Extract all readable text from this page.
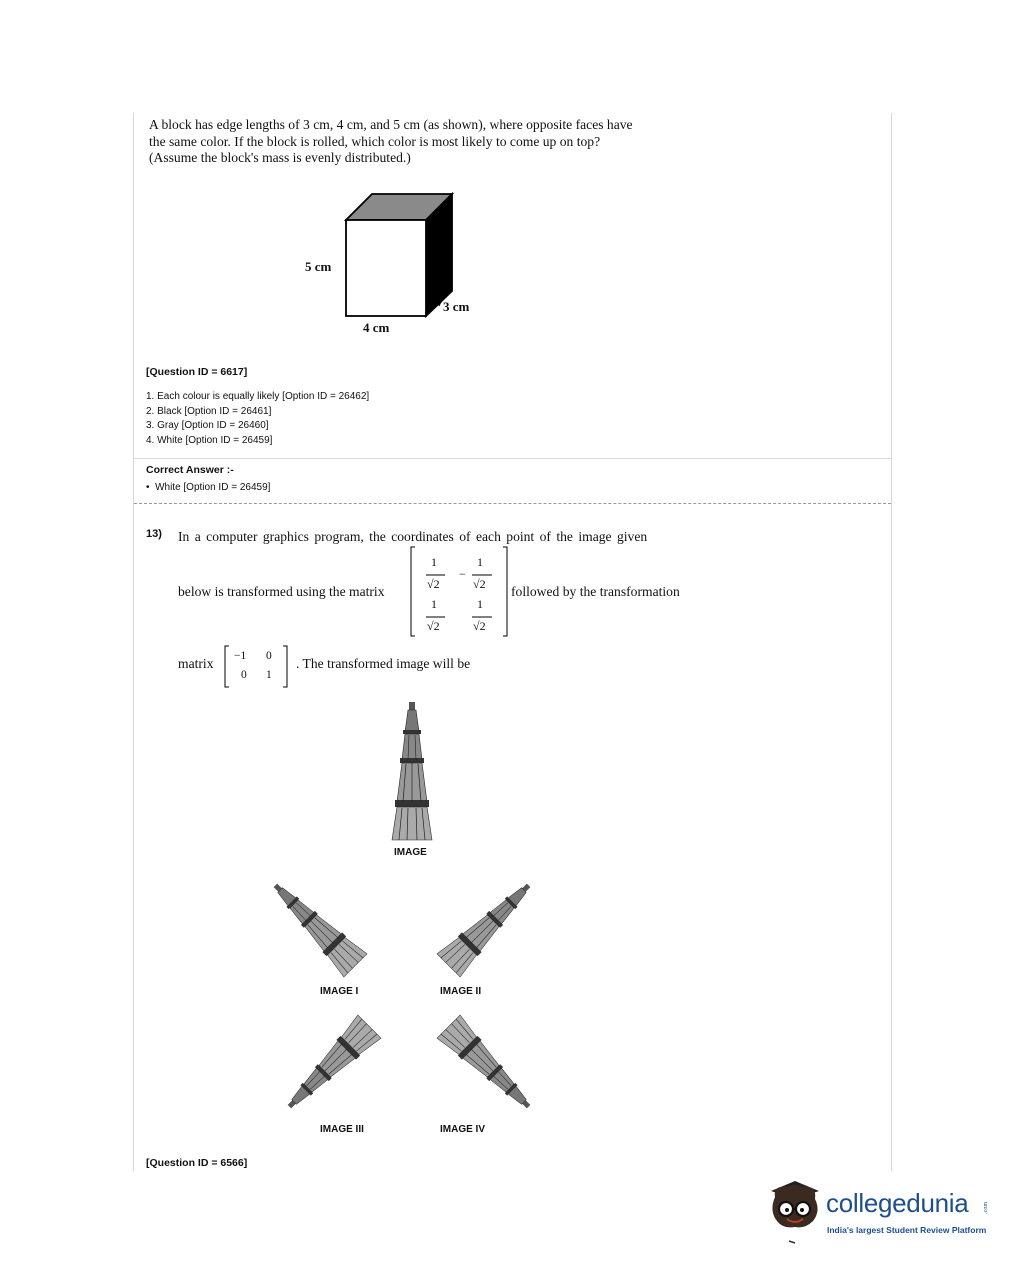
A block has edge lengths of 3 cm, 4 cm, and 5 cm (as shown), where opposite faces have the same color. If the block is rolled, which color is most likely to come up on top? (Assume the block's mass is evenly distributed.)
5 cm
4 cm
3 cm
[Question ID = 6617]
1. Each colour is equally likely [Option ID = 26462]
2. Black [Option ID = 26461]
3. Gray [Option ID = 26460]
4. White [Option ID = 26459]
Correct Answer :-
•  White [Option ID = 26459]
13) In a computer graphics program, the coordinates of each point of the image given
below is transformed using the matrix
1
√2
−
1
√2
1
√2
1
√2
followed by the transformation
matrix −1 0
0 1
. The transformed image will be
IMAGE
IMAGE I	IMAGE II
IMAGE III	IMAGE IV
[Question ID = 6566]
collegedunia .com
India's largest Student Review Platform
